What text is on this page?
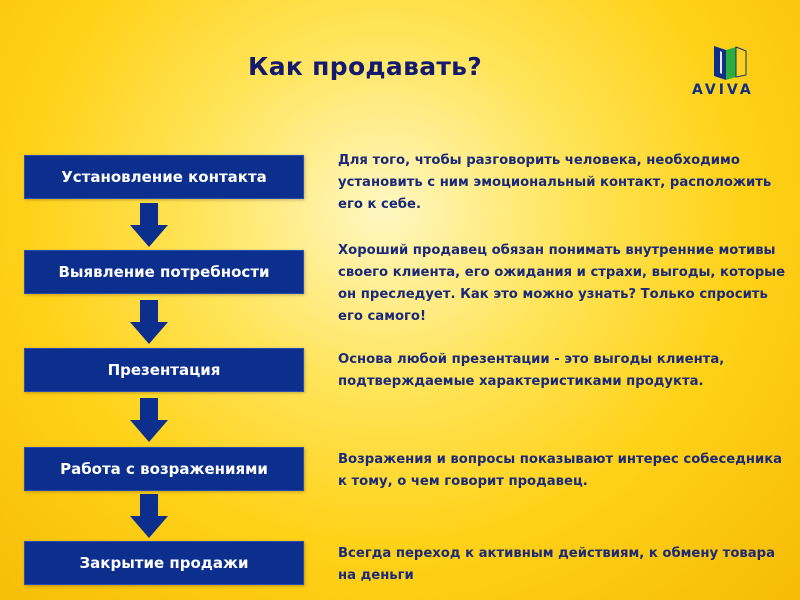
Как продавать?
AVIVA
Установление контакта
Выявление потребности
Презентация
Работа с возражениями
Закрытие продажи
Для того, чтобы разговорить человека, необходимо установить с ним эмоциональный контакт, расположить его к себе.
Хороший продавец обязан понимать внутренние мотивы своего клиента, его ожидания и страхи, выгоды, которые он преследует. Как это можно узнать? Только спросить его самого!
Основа любой презентации - это выгоды клиента, подтверждаемые характеристиками продукта.
Возражения и вопросы показывают интерес собеседника к тому, о чем говорит продавец.
Всегда переход к активным действиям, к обмену товара на деньги
